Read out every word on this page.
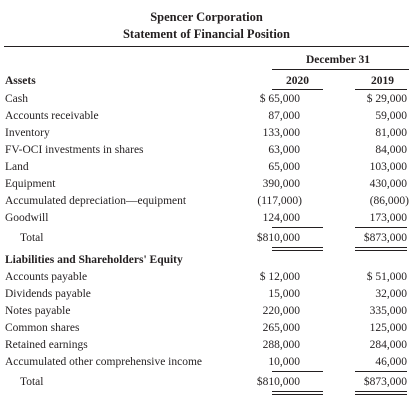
Spencer Corporation
Statement of Financial Position
December 31
2020	2019
Assets
Cash	$ 65,000	$ 29,000
Accounts receivable	87,000	59,000
Inventory	133,000	81,000
FV-OCI investments in shares	63,000	84,000
Land	65,000	103,000
Equipment	390,000	430,000
Accumulated depreciation—equipment	(117,000)	(86,000)
Goodwill	124,000	173,000
Total	$810,000	$873,000
Liabilities and Shareholders' Equity
Accounts payable	$ 12,000	$ 51,000
Dividends payable	15,000	32,000
Notes payable	220,000	335,000
Common shares	265,000	125,000
Retained earnings	288,000	284,000
Accumulated other comprehensive income	10,000	46,000
Total	$810,000	$873,000
